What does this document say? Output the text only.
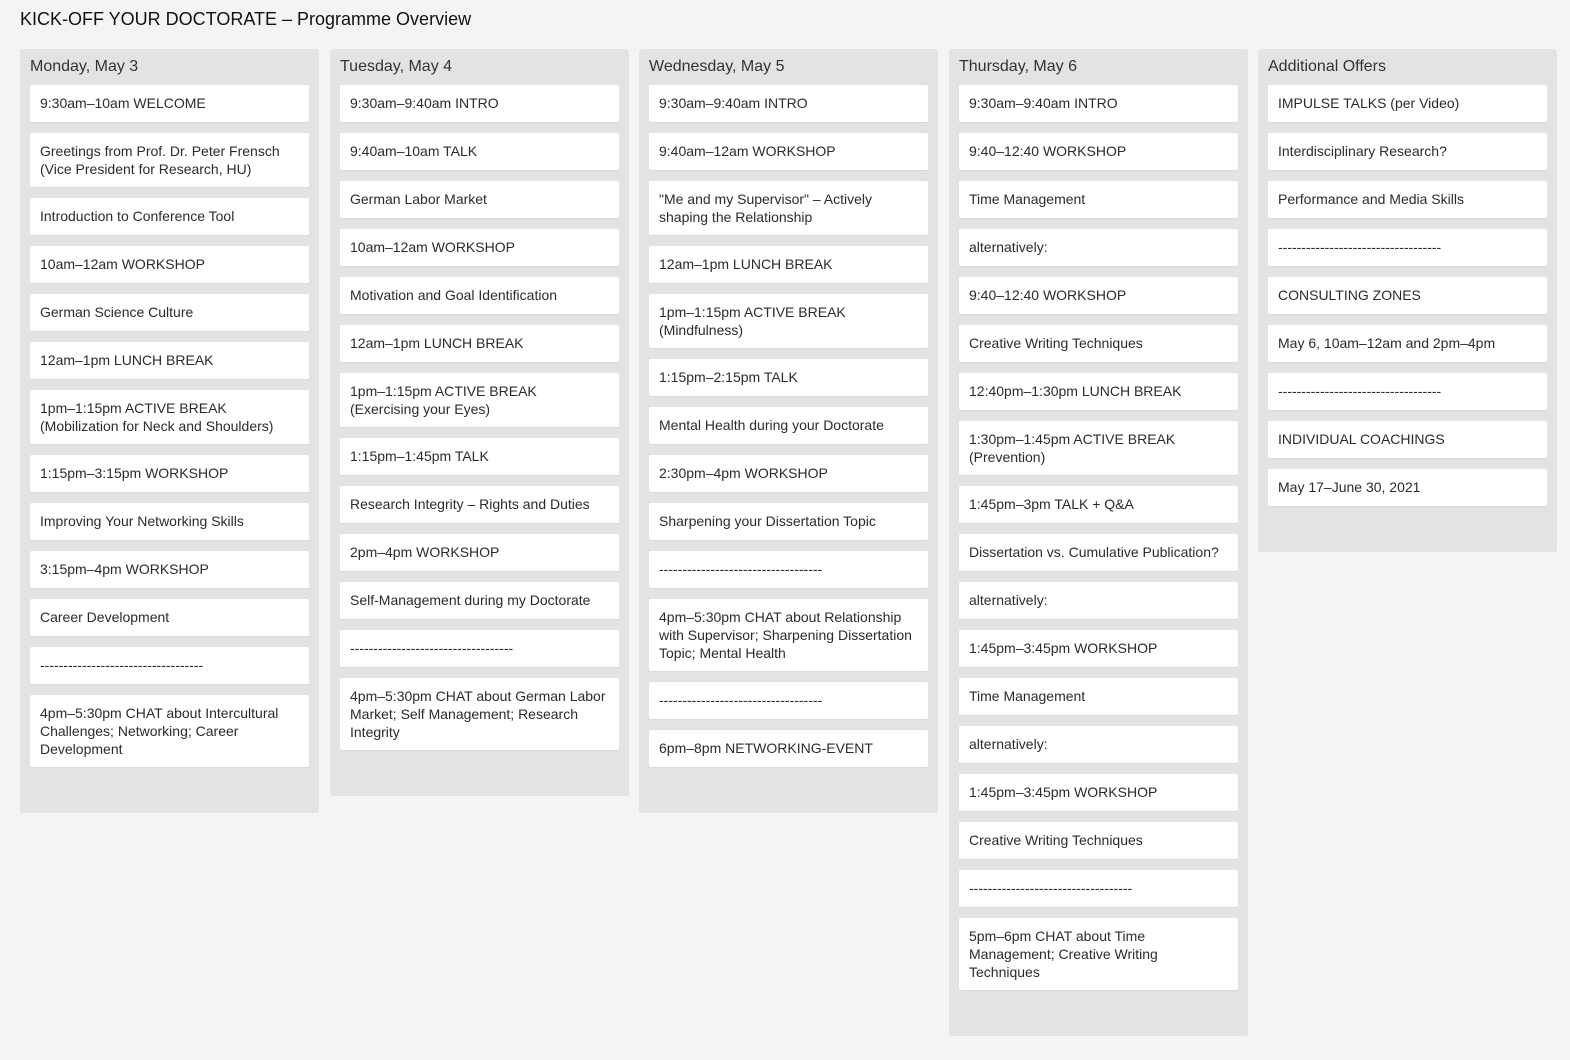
KICK-OFF YOUR DOCTORATE – Programme Overview
Monday, May 3
9:30am–10am WELCOME
Greetings from Prof. Dr. Peter Frensch (Vice President for Research, HU)
Introduction to Conference Tool
10am–12am WORKSHOP
German Science Culture
12am–1pm LUNCH BREAK
1pm–1:15pm ACTIVE BREAK (Mobilization for Neck and Shoulders)
1:15pm–3:15pm WORKSHOP
Improving Your Networking Skills
3:15pm–4pm WORKSHOP
Career Development
-----------------------------------
4pm–5:30pm CHAT about Intercultural Challenges; Networking; Career Development
Tuesday, May 4
9:30am–9:40am INTRO
9:40am–10am TALK
German Labor Market
10am–12am WORKSHOP
Motivation and Goal Identification
12am–1pm LUNCH BREAK
1pm–1:15pm ACTIVE BREAK (Exercising your Eyes)
1:15pm–1:45pm TALK
Research Integrity – Rights and Duties
2pm–4pm WORKSHOP
Self-Management during my Doctorate
-----------------------------------
4pm–5:30pm CHAT about German Labor Market; Self Management; Research Integrity
Wednesday, May 5
9:30am–9:40am INTRO
9:40am–12am WORKSHOP
"Me and my Supervisor" – Actively shaping the Relationship
12am–1pm LUNCH BREAK
1pm–1:15pm ACTIVE BREAK (Mindfulness)
1:15pm–2:15pm TALK
Mental Health during your Doctorate
2:30pm–4pm WORKSHOP
Sharpening your Dissertation Topic
-----------------------------------
4pm–5:30pm CHAT about Relationship with Supervisor; Sharpening Dissertation Topic; Mental Health
-----------------------------------
6pm–8pm NETWORKING-EVENT
Thursday, May 6
9:30am–9:40am INTRO
9:40–12:40 WORKSHOP
Time Management
alternatively:
9:40–12:40 WORKSHOP
Creative Writing Techniques
12:40pm–1:30pm LUNCH BREAK
1:30pm–1:45pm ACTIVE BREAK (Prevention)
1:45pm–3pm TALK + Q&A
Dissertation vs. Cumulative Publication?
alternatively:
1:45pm–3:45pm WORKSHOP
Time Management
alternatively:
1:45pm–3:45pm WORKSHOP
Creative Writing Techniques
-----------------------------------
5pm–6pm CHAT about Time Management; Creative Writing Techniques
Additional Offers
IMPULSE TALKS (per Video)
Interdisciplinary Research?
Performance and Media Skills
-----------------------------------
CONSULTING ZONES
May 6, 10am–12am and 2pm–4pm
-----------------------------------
INDIVIDUAL COACHINGS
May 17–June 30, 2021
